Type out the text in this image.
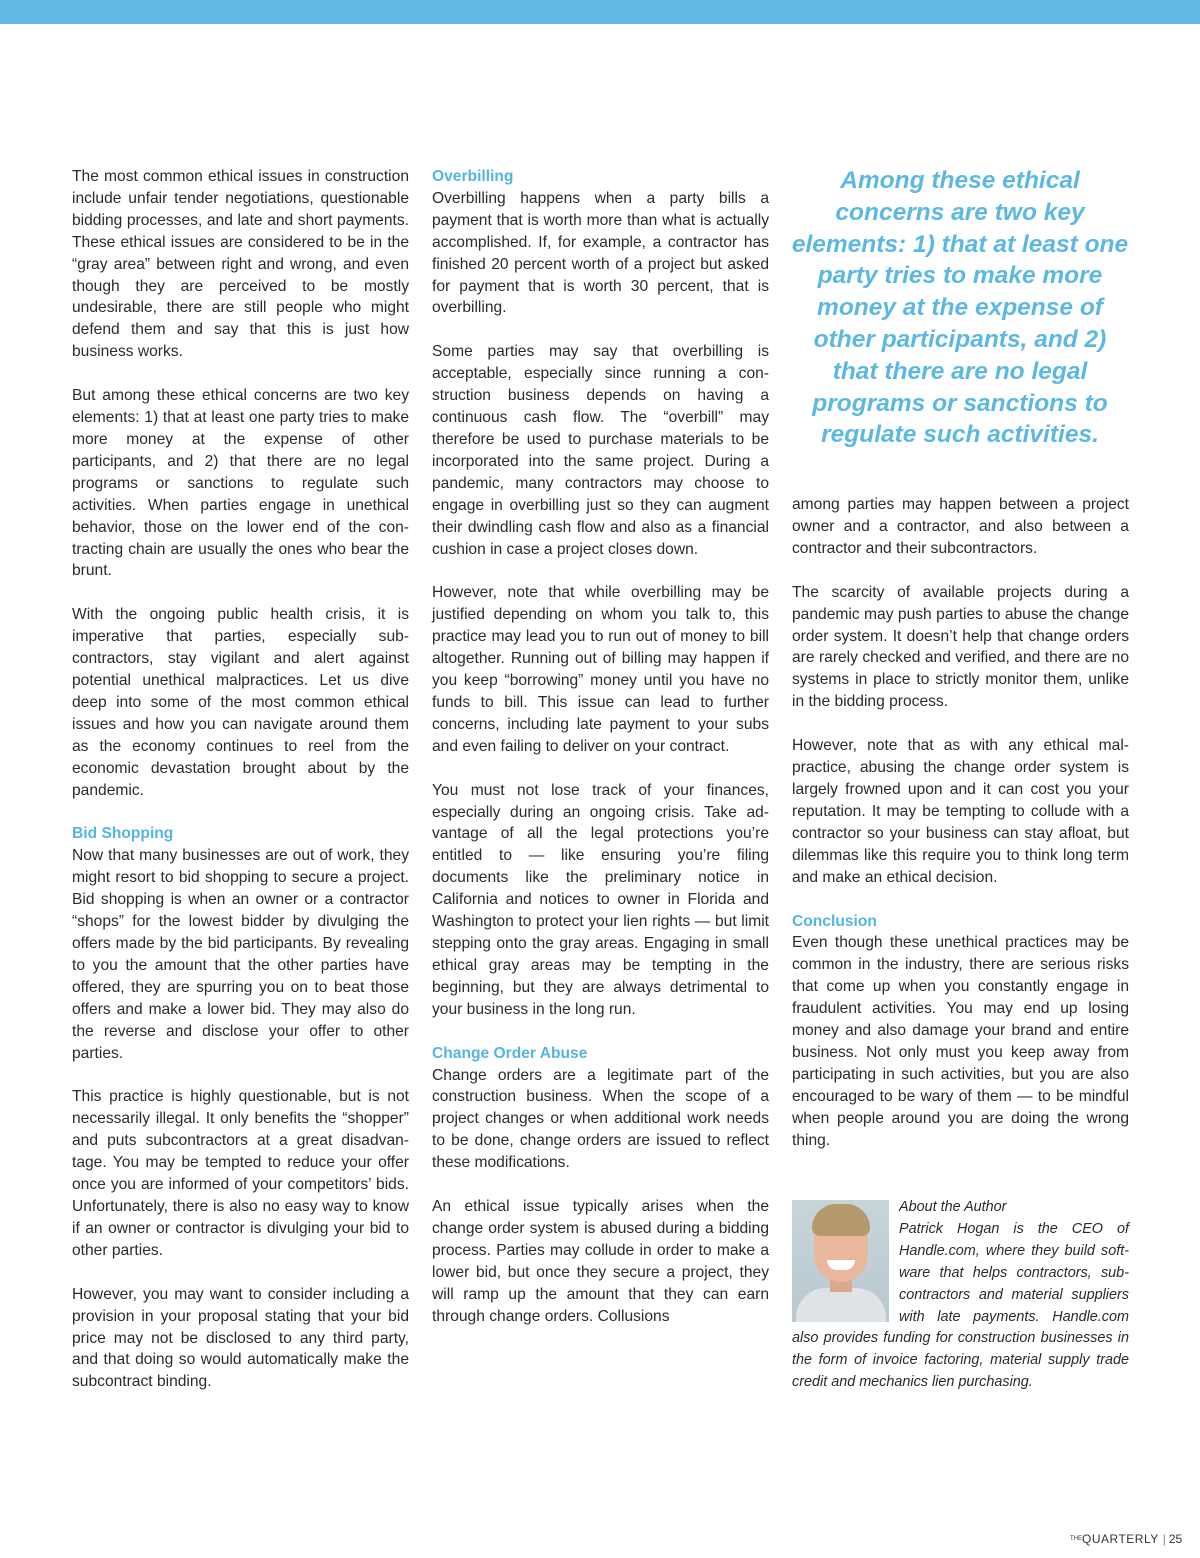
The most common ethical issues in construction include unfair tender negotiations, questionable bidding processes, and late and short payments. These ethical issues are considered to be in the “gray area” between right and wrong, and even though they are perceived to be mostly undesirable, there are still people who might defend them and say that this is just how business works.

But among these ethical concerns are two key elements: 1) that at least one party tries to make more money at the expense of other participants, and 2) that there are no legal programs or sanctions to regulate such activities. When parties engage in unethical behavior, those on the lower end of the contracting chain are usually the ones who bear the brunt.

With the ongoing public health crisis, it is imperative that parties, especially subcontractors, stay vigilant and alert against potential unethical malpractices. Let us dive deep into some of the most common ethical issues and how you can navigate around them as the economy continues to reel from the economic devastation brought about by the pandemic.

Bid Shopping

Now that many businesses are out of work, they might resort to bid shopping to secure a project. Bid shopping is when an owner or a contractor “shops” for the lowest bidder by divulging the offers made by the bid participants. By revealing to you the amount that the other parties have offered, they are spurring you on to beat those offers and make a lower bid. They may also do the reverse and disclose your offer to other parties.

This practice is highly questionable, but is not necessarily illegal. It only benefits the “shopper” and puts subcontractors at a great disadvantage. You may be tempted to reduce your offer once you are informed of your competitors’ bids. Unfortunately, there is also no easy way to know if an owner or contractor is divulging your bid to other parties.

However, you may want to consider including a provision in your proposal stating that your bid price may not be disclosed to any third party, and that doing so would automatically make the subcontract binding.

Overbilling

Overbilling happens when a party bills a payment that is worth more than what is actually accomplished. If, for example, a contractor has finished 20 percent worth of a project but asked for payment that is worth 30 percent, that is overbilling.

Some parties may say that overbilling is acceptable, especially since running a construction business depends on having a continuous cash flow. The “overbill” may therefore be used to purchase materials to be incorporated into the same project. During a pandemic, many contractors may choose to engage in overbilling just so they can augment their dwindling cash flow and also as a financial cushion in case a project closes down.

However, note that while overbilling may be justified depending on whom you talk to, this practice may lead you to run out of money to bill altogether. Running out of billing may happen if you keep “borrowing” money until you have no funds to bill. This issue can lead to further concerns, including late payment to your subs and even failing to deliver on your contract.

You must not lose track of your finances, especially during an ongoing crisis. Take advantage of all the legal protections you’re entitled to — like ensuring you’re filing documents like the preliminary notice in California and notices to owner in Florida and Washington to protect your lien rights — but limit stepping onto the gray areas. Engaging in small ethical gray areas may be tempting in the beginning, but they are always detrimental to your business in the long run.

Change Order Abuse

Change orders are a legitimate part of the construction business. When the scope of a project changes or when additional work needs to be done, change orders are issued to reflect these modifications.

An ethical issue typically arises when the change order system is abused during a bidding process. Parties may collude in order to make a lower bid, but once they secure a project, they will ramp up the amount that they can earn through change orders. Collusions

Among these ethical concerns are two key elements: 1) that at least one party tries to make more money at the expense of other participants, and 2) that there are no legal programs or sanctions to regulate such activities.

among parties may happen between a project owner and a contractor, and also between a contractor and their subcontractors.

The scarcity of available projects during a pandemic may push parties to abuse the change order system. It doesn’t help that change orders are rarely checked and verified, and there are no systems in place to strictly monitor them, unlike in the bidding process.

However, note that as with any ethical malpractice, abusing the change order system is largely frowned upon and it can cost you your reputation. It may be tempting to collude with a contractor so your business can stay afloat, but dilemmas like this require you to think long term and make an ethical decision.

Conclusion

Even though these unethical practices may be common in the industry, there are serious risks that come up when you constantly engage in fraudulent activities. You may end up losing money and also damage your brand and entire business. Not only must you keep away from participating in such activities, but you are also encouraged to be wary of them — to be mindful when people around you are doing the wrong thing.

About the Author

Patrick Hogan is the CEO of Handle.com, where they build software that helps contractors, subcontractors and material suppliers with late payments. Handle.com also provides funding for construction businesses in the form of invoice factoring, material supply trade credit and mechanics lien purchasing.

$^{THE}$QUARTERLY | 25
